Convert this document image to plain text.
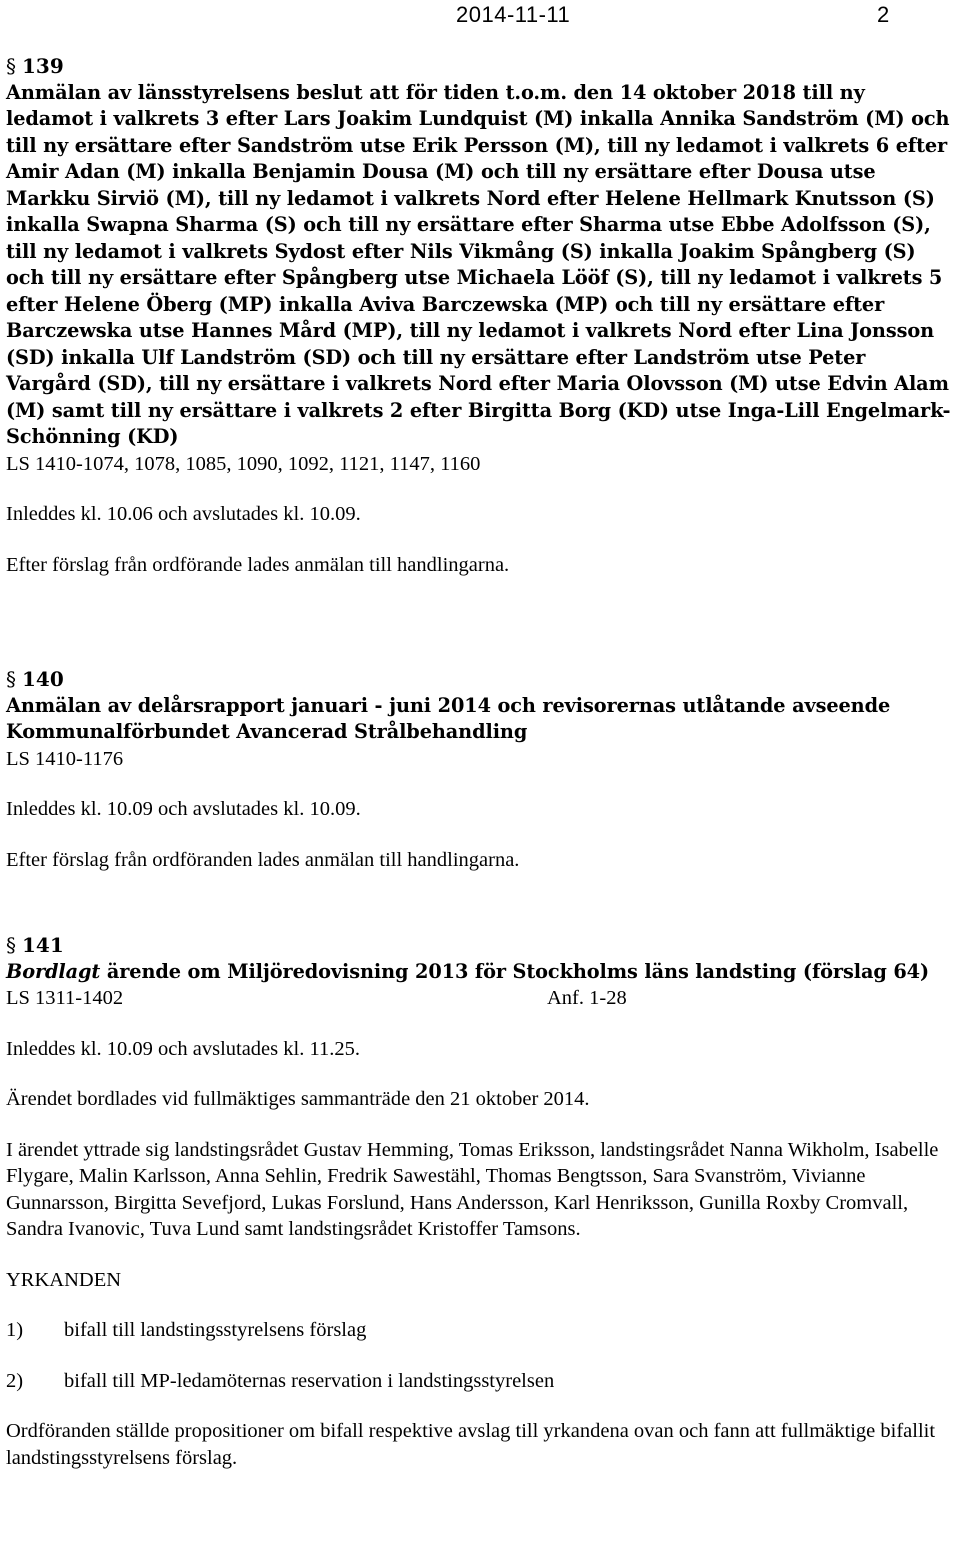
2014-11-11	2
§ 139
Anmälan av länsstyrelsens beslut att för tiden t.o.m. den 14 oktober 2018 till ny ledamot i valkrets 3 efter Lars Joakim Lundquist (M) inkalla Annika Sandström (M) och till ny ersättare efter Sandström utse Erik Persson (M), till ny ledamot i valkrets 6 efter Amir Adan (M) inkalla Benjamin Dousa (M) och till ny ersättare efter Dousa utse Markku Sirviö (M), till ny ledamot i valkrets Nord efter Helene Hellmark Knutsson (S) inkalla Swapna Sharma (S) och till ny ersättare efter Sharma utse Ebbe Adolfsson (S), till ny ledamot i valkrets Sydost efter Nils Vikmång (S) inkalla Joakim Spångberg (S) och till ny ersättare efter Spångberg utse Michaela Lööf (S), till ny ledamot i valkrets 5 efter Helene Öberg (MP) inkalla Aviva Barczewska (MP) och till ny ersättare efter Barczewska utse Hannes Mård (MP), till ny ledamot i valkrets Nord efter Lina Jonsson (SD) inkalla Ulf Landström (SD) och till ny ersättare efter Landström utse Peter Vargård (SD), till ny ersättare i valkrets Nord efter Maria Olovsson (M) utse Edvin Alam (M) samt till ny ersättare i valkrets 2 efter Birgitta Borg (KD) utse Inga-Lill Engelmark-Schönning (KD)
LS 1410-1074, 1078, 1085, 1090, 1092, 1121, 1147, 1160
Inleddes kl. 10.06 och avslutades kl. 10.09.
Efter förslag från ordförande lades anmälan till handlingarna.
§ 140
Anmälan av delårsrapport januari - juni 2014 och revisorernas utlåtande avseende Kommunalförbundet Avancerad Strålbehandling
LS 1410-1176
Inleddes kl. 10.09 och avslutades kl. 10.09.
Efter förslag från ordföranden lades anmälan till handlingarna.
§ 141
Bordlagt ärende om Miljöredovisning 2013 för Stockholms läns landsting (förslag 64)
LS 1311-1402	Anf. 1-28
Inleddes kl. 10.09 och avslutades kl. 11.25.
Ärendet bordlades vid fullmäktiges sammanträde den 21 oktober 2014.
I ärendet yttrade sig landstingsrådet Gustav Hemming, Tomas Eriksson, landstingsrådet Nanna Wikholm, Isabelle Flygare, Malin Karlsson, Anna Sehlin, Fredrik Sawestähl, Thomas Bengtsson, Sara Svanström, Vivianne Gunnarsson, Birgitta Sevefjord, Lukas Forslund, Hans Andersson, Karl Henriksson, Gunilla Roxby Cromvall, Sandra Ivanovic, Tuva Lund samt landstingsrådet Kristoffer Tamsons.
YRKANDEN
1)	bifall till landstingsstyrelsens förslag
2)	bifall till MP-ledamöternas reservation i landstingsstyrelsen
Ordföranden ställde propositioner om bifall respektive avslag till yrkandena ovan och fann att fullmäktige bifallit landstingsstyrelsens förslag.
